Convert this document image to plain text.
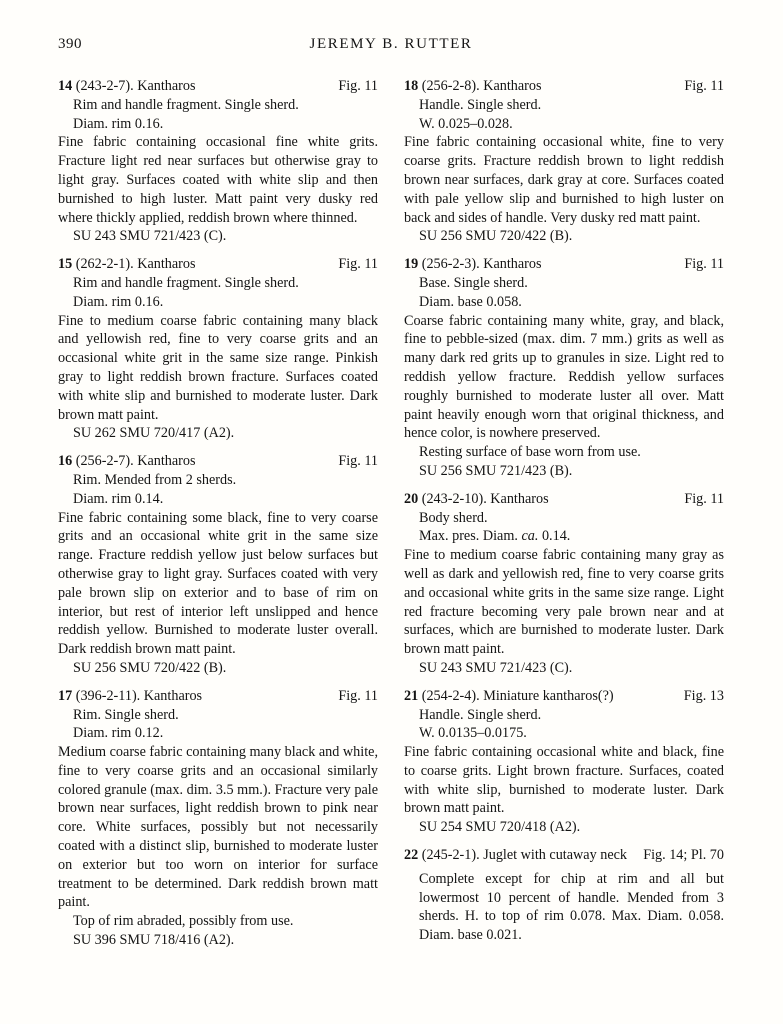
JEREMY B. RUTTER
390
14 (243-2-7). Kantharos	Fig. 11
Rim and handle fragment. Single sherd.
Diam. rim 0.16.

Fine fabric containing occasional fine white grits. Fracture light red near surfaces but otherwise gray to light gray. Surfaces coated with white slip and then burnished to high luster. Matt paint very dusky red where thickly applied, reddish brown where thinned.

SU 243 SMU 721/423 (C).
15 (262-2-1). Kantharos	Fig. 11
Rim and handle fragment. Single sherd.
Diam. rim 0.16.

Fine to medium coarse fabric containing many black and yellowish red, fine to very coarse grits and an occasional white grit in the same size range. Pinkish gray to light reddish brown fracture. Surfaces coated with white slip and burnished to moderate luster. Dark brown matt paint.

SU 262 SMU 720/417 (A2).
16 (256-2-7). Kantharos	Fig. 11
Rim. Mended from 2 sherds.
Diam. rim 0.14.

Fine fabric containing some black, fine to very coarse grits and an occasional white grit in the same size range. Fracture reddish yellow just below surfaces but otherwise gray to light gray. Surfaces coated with very pale brown slip on exterior and to base of rim on interior, but rest of interior left unslipped and hence reddish yellow. Burnished to moderate luster overall. Dark reddish brown matt paint.

SU 256 SMU 720/422 (B).
17 (396-2-11). Kantharos	Fig. 11
Rim. Single sherd.
Diam. rim 0.12.

Medium coarse fabric containing many black and white, fine to very coarse grits and an occasional similarly colored granule (max. dim. 3.5 mm.). Fracture very pale brown near surfaces, light reddish brown to pink near core. White surfaces, possibly but not necessarily coated with a distinct slip, burnished to moderate luster on exterior but too worn on interior for surface treatment to be determined. Dark reddish brown matt paint.

Top of rim abraded, possibly from use.
SU 396 SMU 718/416 (A2).
18 (256-2-8). Kantharos	Fig. 11
Handle. Single sherd.
W. 0.025–0.028.

Fine fabric containing occasional white, fine to very coarse grits. Fracture reddish brown to light reddish brown near surfaces, dark gray at core. Surfaces coated with pale yellow slip and burnished to high luster on back and sides of handle. Very dusky red matt paint.

SU 256 SMU 720/422 (B).
19 (256-2-3). Kantharos	Fig. 11
Base. Single sherd.
Diam. base 0.058.

Coarse fabric containing many white, gray, and black, fine to pebble-sized (max. dim. 7 mm.) grits as well as many dark red grits up to granules in size. Light red to reddish yellow fracture. Reddish yellow surfaces roughly burnished to moderate luster all over. Matt paint heavily enough worn that original thickness, and hence color, is nowhere preserved.

Resting surface of base worn from use.
SU 256 SMU 721/423 (B).
20 (243-2-10). Kantharos	Fig. 11
Body sherd.
Max. pres. Diam. ca. 0.14.

Fine to medium coarse fabric containing many gray as well as dark and yellowish red, fine to very coarse grits and occasional white grits in the same size range. Light red fracture becoming very pale brown near and at surfaces, which are burnished to moderate luster. Dark brown matt paint.

SU 243 SMU 721/423 (C).
21 (254-2-4). Miniature kantharos(?)	Fig. 13
Handle. Single sherd.
W. 0.0135–0.0175.

Fine fabric containing occasional white and black, fine to coarse grits. Light brown fracture. Surfaces, coated with white slip, burnished to moderate luster. Dark brown matt paint.

SU 254 SMU 720/418 (A2).
22 (245-2-1). Juglet with cutaway neck Fig. 14; Pl. 70

Complete except for chip at rim and all but lowermost 10 percent of handle. Mended from 3 sherds. H. to top of rim 0.078. Max. Diam. 0.058. Diam. base 0.021.
